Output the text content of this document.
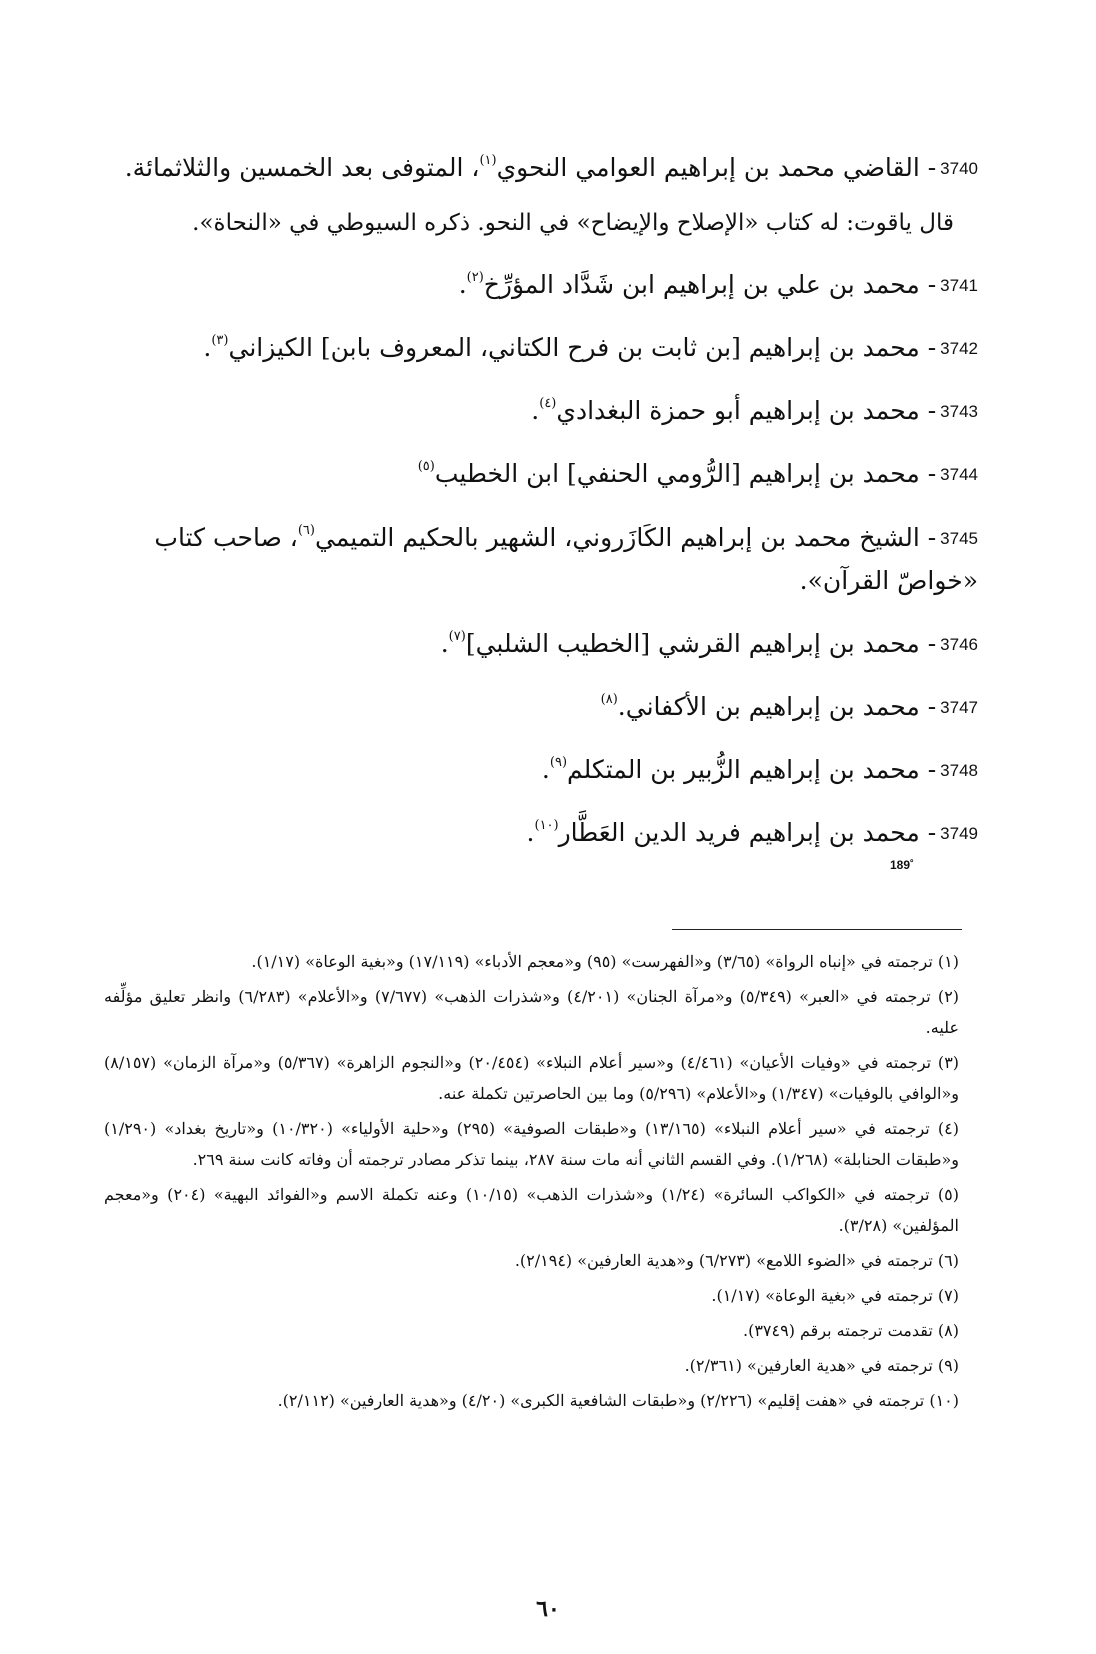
3740- القاضي محمد بن إبراهيم العوامي النحوي$^{(١)}$، المتوفى بعد الخمسين والثلاثمائة.

قال ياقوت: له كتاب «الإصلاح والإيضاح» في النحو. ذكره السيوطي في «النحاة».

3741- محمد بن علي بن إبراهيم ابن شَدَّاد المؤرِّخ$^{(٢)}$.

3742- محمد بن إبراهيم [بن ثابت بن فرح الكتاني، المعروف بابن] الكيزاني$^{(٣)}$.

3743- محمد بن إبراهيم أبو حمزة البغدادي$^{(٤)}$.

3744- محمد بن إبراهيم [الرُّومي الحنفي] ابن الخطيب$^{(٥)}$

3745- الشيخ محمد بن إبراهيم الكَازَروني، الشهير بالحكيم التميمي$^{(٦)}$، صاحب كتاب «خواصّ القرآن».

3746- محمد بن إبراهيم القرشي [الخطيب الشلبي]$^{(٧)}$.

3747- محمد بن إبراهيم بن الأكفاني.$^{(٨)}$

3748- محمد بن إبراهيم الزُّبير بن المتكلم$^{(٩)}$.

3749- محمد بن إبراهيم فريد الدين العَطَّار$^{(١٠)}$.

189˚

(١) ترجمته في «إنباه الرواة» (٣/٦٥) و«الفهرست» (٩٥) و«معجم الأدباء» (١٧/١١٩) و«بغية الوعاة» (١/١٧).

(٢) ترجمته في «العبر» (٥/٣٤٩) و«مرآة الجنان» (٤/٢٠١) و«شذرات الذهب» (٧/٦٧٧) و«الأعلام» (٦/٢٨٣) وانظر تعليق مؤلِّفه عليه.

(٣) ترجمته في «وفيات الأعيان» (٤/٤٦١) و«سير أعلام النبلاء» (٢٠/٤٥٤) و«النجوم الزاهرة» (٥/٣٦٧) و«مرآة الزمان» (٨/١٥٧) و«الوافي بالوفيات» (١/٣٤٧) و«الأعلام» (٥/٢٩٦) وما بين الحاصرتين تكملة عنه.

(٤) ترجمته في «سير أعلام النبلاء» (١٣/١٦٥) و«طبقات الصوفية» (٢٩٥) و«حلية الأولياء» (١٠/٣٢٠) و«تاريخ بغداد» (١/٢٩٠) و«طبقات الحنابلة» (١/٢٦٨). وفي القسم الثاني أنه مات سنة ٢٨٧، بينما تذكر مصادر ترجمته أن وفاته كانت سنة ٢٦٩.

(٥) ترجمته في «الكواكب السائرة» (١/٢٤) و«شذرات الذهب» (١٠/١٥) وعنه تكملة الاسم و«الفوائد البهية» (٢٠٤) و«معجم المؤلفين» (٣/٢٨).

(٦) ترجمته في «الضوء اللامع» (٦/٢٧٣) و«هدية العارفين» (٢/١٩٤).

(٧) ترجمته في «بغية الوعاة» (١/١٧).

(٨) تقدمت ترجمته برقم (٣٧٤٩).

(٩) ترجمته في «هدية العارفين» (٢/٣٦١).

(١٠) ترجمته في «هفت إقليم» (٢/٢٢٦) و«طبقات الشافعية الكبرى» (٤/٢٠) و«هدية العارفين» (٢/١١٢).

٦٠
